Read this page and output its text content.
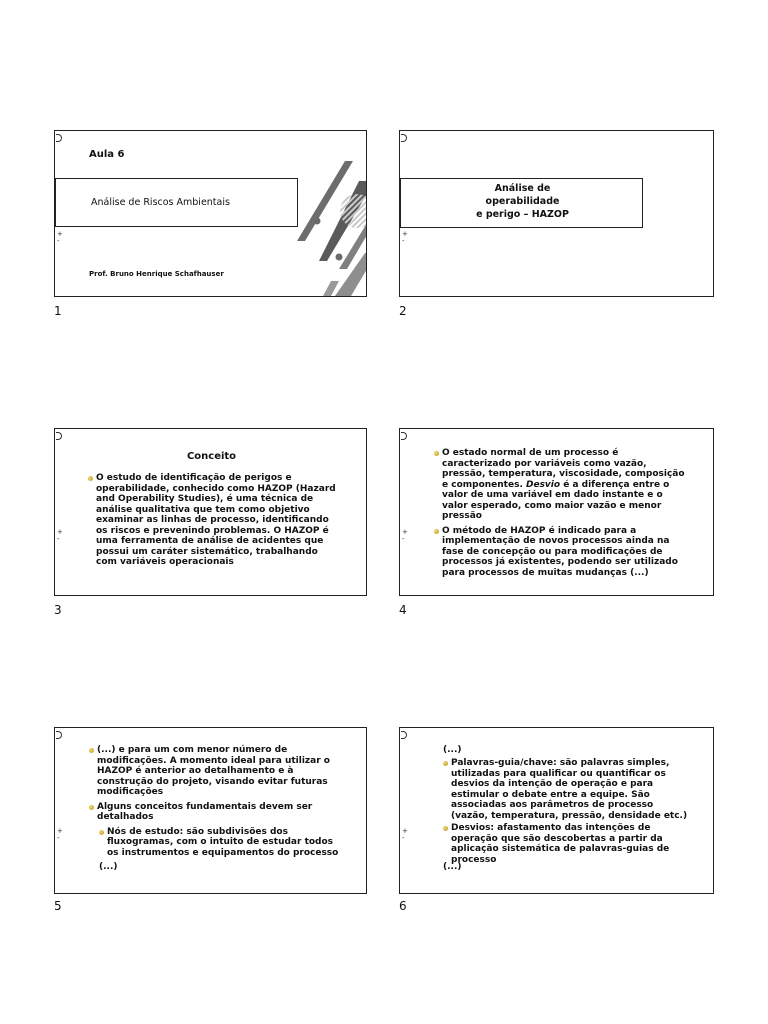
+
-
Aula 6
Análise de Riscos Ambientais
Prof. Bruno Henrique Schafhauser
1
+
-
Análise de
operabilidade
e perigo – HAZOP
2
+
-
Conceito
O estudo de identificação de perigos e operabilidade, conhecido como HAZOP (Hazard and Operability Studies), é uma técnica de análise qualitativa que tem como objetivo examinar as linhas de processo, identificando os riscos e prevenindo problemas. O HAZOP é uma ferramenta de análise de acidentes que possui um caráter sistemático, trabalhando com variáveis operacionais
3
+
-
O estado normal de um processo é caracterizado por variáveis como vazão, pressão, temperatura, viscosidade, composição e componentes. Desvio é a diferença entre o valor de uma variável em dado instante e o valor esperado, como maior vazão e menor pressão
O método de HAZOP é indicado para a implementação de novos processos ainda na fase de concepção ou para modificações de processos já existentes, podendo ser utilizado para processos de muitas mudanças (...)
4
+
-
(...) e para um com menor número de modificações. A momento ideal para utilizar o HAZOP é anterior ao detalhamento e à construção do projeto, visando evitar futuras modificações
Alguns conceitos fundamentais devem ser detalhados
Nós de estudo: são subdivisões dos fluxogramas, com o intuito de estudar todos os instrumentos e equipamentos do processo
(...)
5
+
-
(...)
Palavras-guia/chave: são palavras simples, utilizadas para qualificar ou quantificar os desvios da intenção de operação e para estimular o debate entre a equipe. São associadas aos parâmetros de processo (vazão, temperatura, pressão, densidade etc.)
Desvios: afastamento das intenções de operação que são descobertas a partir da aplicação sistemática de palavras-guias de processo
(...)
6
